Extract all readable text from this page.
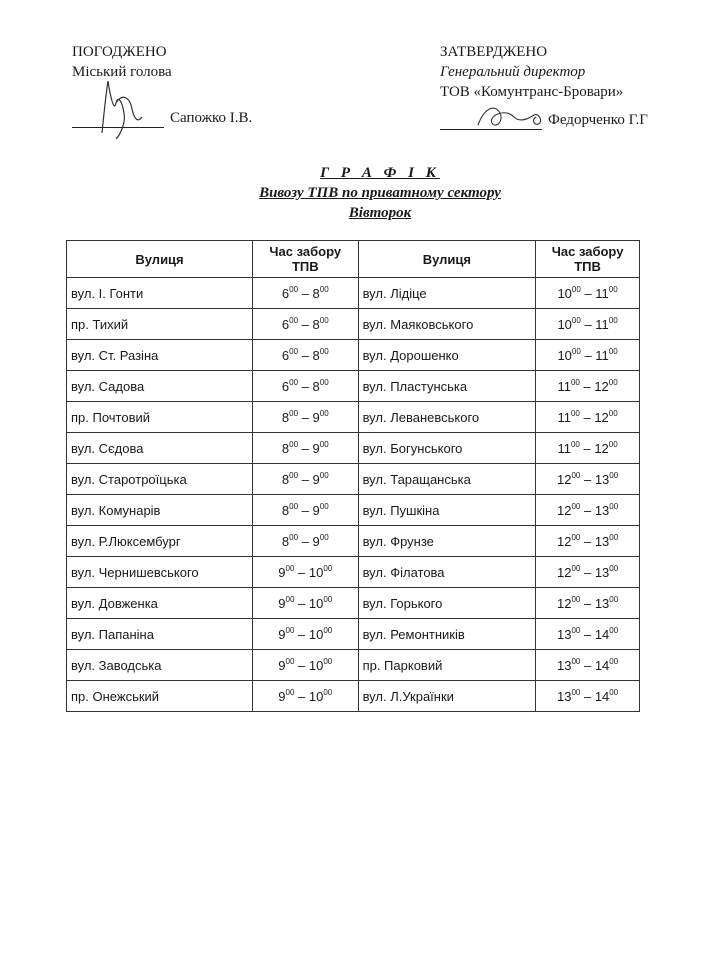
ПОГОДЖЕНО
Міський голова
Сапожко І.В.
ЗАТВЕРДЖЕНО
Генеральний директор
ТОВ «Комунтранс-Бровари»
Федорченко Г.Г
Г Р А Ф І К
Вивозу ТПВ по приватному сектору
Вівторок
Вулиця	Час забору ТПВ	Вулиця	Час забору ТПВ
вул. І. Гонти	$6^{00} - 8^{00}$	вул. Лідіце	$10^{00} - 11^{00}$
пр. Тихий	$6^{00} - 8^{00}$	вул. Маяковського	$10^{00} - 11^{00}$
вул. Ст. Разіна	$6^{00} - 8^{00}$	вул. Дорошенко	$10^{00} - 11^{00}$
вул. Садова	$6^{00} - 8^{00}$	вул. Пластунська	$11^{00} - 12^{00}$
пр. Почтовий	$8^{00} - 9^{00}$	вул. Леваневського	$11^{00} - 12^{00}$
вул. Сєдова	$8^{00} - 9^{00}$	вул. Богунського	$11^{00} - 12^{00}$
вул. Старотроїцька	$8^{00} - 9^{00}$	вул. Таращанська	$12^{00} - 13^{00}$
вул. Комунарів	$8^{00} - 9^{00}$	вул. Пушкіна	$12^{00} - 13^{00}$
вул. Р.Люксембург	$8^{00} - 9^{00}$	вул. Фрунзе	$12^{00} - 13^{00}$
вул. Чернишевського	$9^{00} - 10^{00}$	вул. Філатова	$12^{00} - 13^{00}$
вул. Довженка	$9^{00} - 10^{00}$	вул. Горького	$12^{00} - 13^{00}$
вул. Папаніна	$9^{00} - 10^{00}$	вул. Ремонтників	$13^{00} - 14^{00}$
вул. Заводська	$9^{00} - 10^{00}$	пр. Парковий	$13^{00} - 14^{00}$
пр. Онежський	$9^{00} - 10^{00}$	вул. Л.Українки	$13^{00} - 14^{00}$
